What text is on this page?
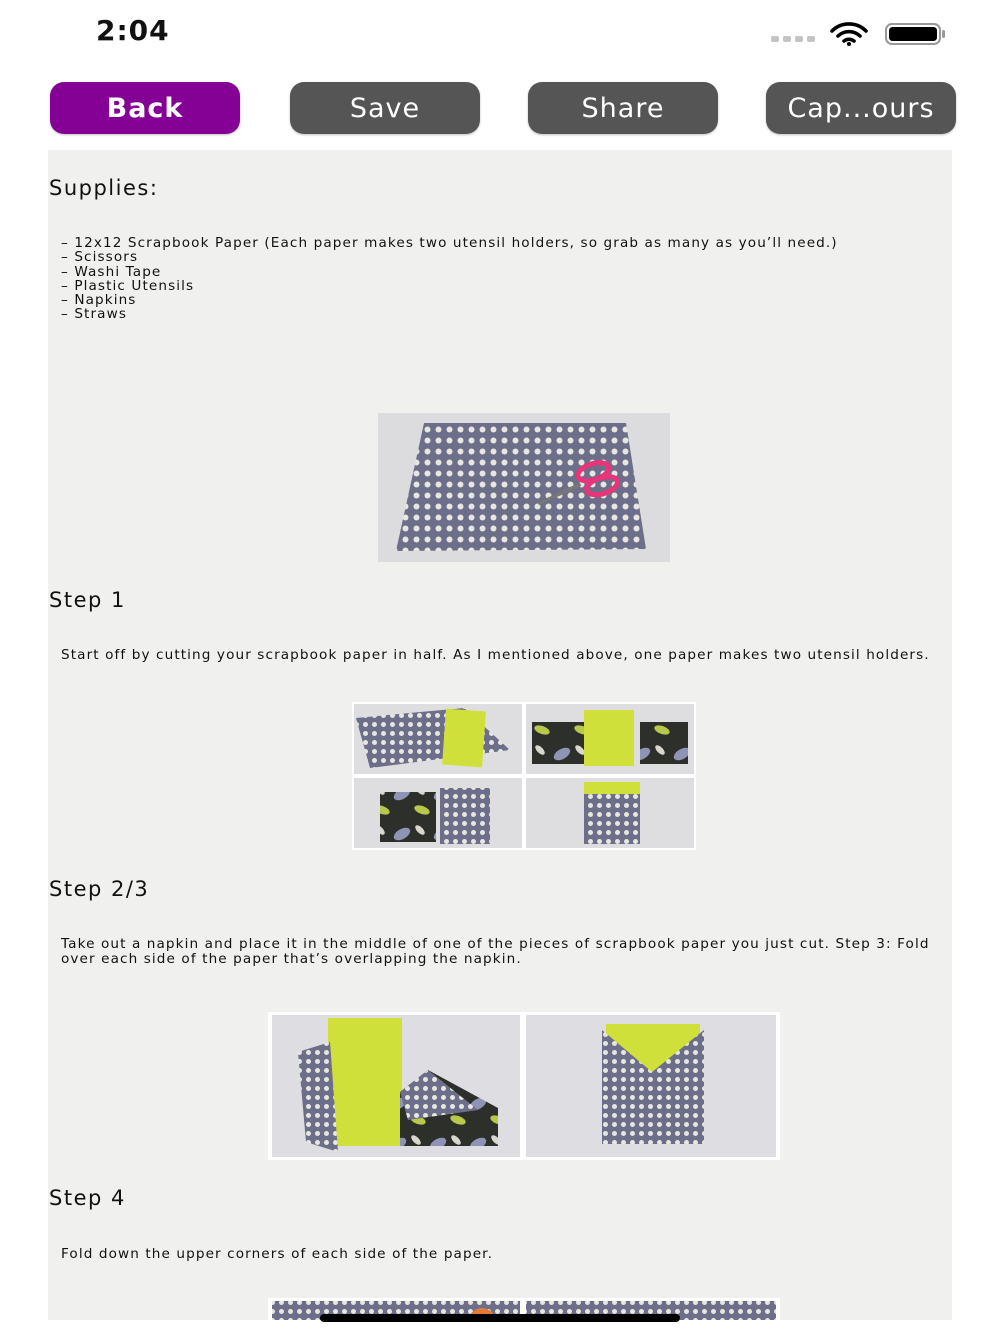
2:04
Back	Save	Share	Cap...ours
Supplies:
– 12x12 Scrapbook Paper (Each paper makes two utensil holders, so grab as many as you’ll need.)
– Scissors
– Washi Tape
– Plastic Utensils
– Napkins
– Straws
Step 1
Start off by cutting your scrapbook paper in half. As I mentioned above, one paper makes two utensil holders.
Step 2/3
Take out a napkin and place it in the middle of one of the pieces of scrapbook paper you just cut. Step 3: Fold over each side of the paper that’s overlapping the napkin.
Step 4
Fold down the upper corners of each side of the paper.
